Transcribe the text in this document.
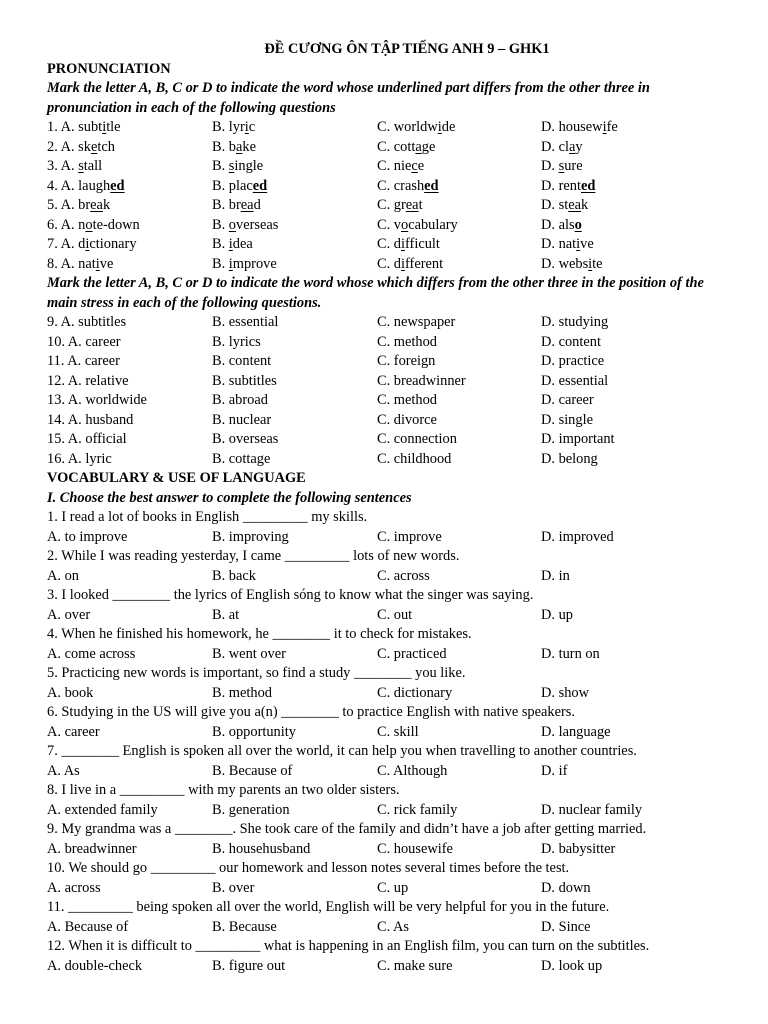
ĐỀ CƯƠNG ÔN TẬP TIẾNG ANH 9 – GHK1
PRONUNCIATION
Mark the letter A, B, C or D to indicate the word whose underlined part differs from the other three in pronunciation in each of the following questions
1. A. subtitle	B. lyric	C. worldwide	D. housewife
2. A. sketch	B. bake	C. cottage	D. clay
3. A. stall	B. single	C. niece	D. sure
4. A. laughed	B. placed	C. crashed	D. rented
5. A. break	B. bread	C. great	D. steak
6. A. note-down	B. overseas	C. vocabulary	D. also
7. A. dictionary	B. idea	C. difficult	D. native
8. A. native	B. improve	C. different	D. website
Mark the letter A, B, C or D to indicate the word whose which differs from the other three in the position of the main stress in each of the following questions.
9. A. subtitles	B. essential	C. newspaper	D. studying
10. A. career	B. lyrics	C. method	D. content
11. A. career	B. content	C. foreign	D. practice
12. A. relative	B. subtitles	C. breadwinner	D. essential
13. A. worldwide	B. abroad	C. method	D. career
14. A. husband	B. nuclear	C. divorce	D. single
15. A. official	B. overseas	C. connection	D. important
16. A. lyric	B. cottage	C. childhood	D. belong
VOCABULARY & USE OF LANGUAGE
I. Choose the best answer to complete the following sentences
1. I read a lot of books in English _________ my skills.
A. to improve	B. improving	C. improve	D. improved
2. While I was reading yesterday, I came _________ lots of new words.
A. on	B. back	C. across	D. in
3. I looked ________ the lyrics of English sóng to know what the singer was saying.
A. over	B. at	C. out	D. up
4. When he finished his homework, he ________ it to check for mistakes.
A. come across	B. went over	C. practiced	D. turn on
5. Practicing new words is important, so find a study ________ you like.
A. book	B. method	C. dictionary	D. show
6. Studying in the US will give you a(n) ________ to practice English with native speakers.
A. career	B. opportunity	C. skill	D. language
7. ________ English is spoken all over the world, it can help you when travelling to another countries.
A. As	B. Because of	C. Although	D. if
8. I live in a _________ with my parents an two older sisters.
A. extended family	B. generation	C. rick family	D. nuclear family
9. My grandma was a ________. She took care of the family and didn’t have a job after getting married.
A. breadwinner	B. househusband	C. housewife	D. babysitter
10. We should go _________ our homework and lesson notes several times before the test.
A. across	B. over	C. up	D. down
11. _________ being spoken all over the world, English will be very helpful for you in the future.
A. Because of	B. Because	C. As	D. Since
12. When it is difficult to _________ what is happening in an English film, you can turn on the subtitles.
A. double-check	B. figure out	C. make sure	D. look up
